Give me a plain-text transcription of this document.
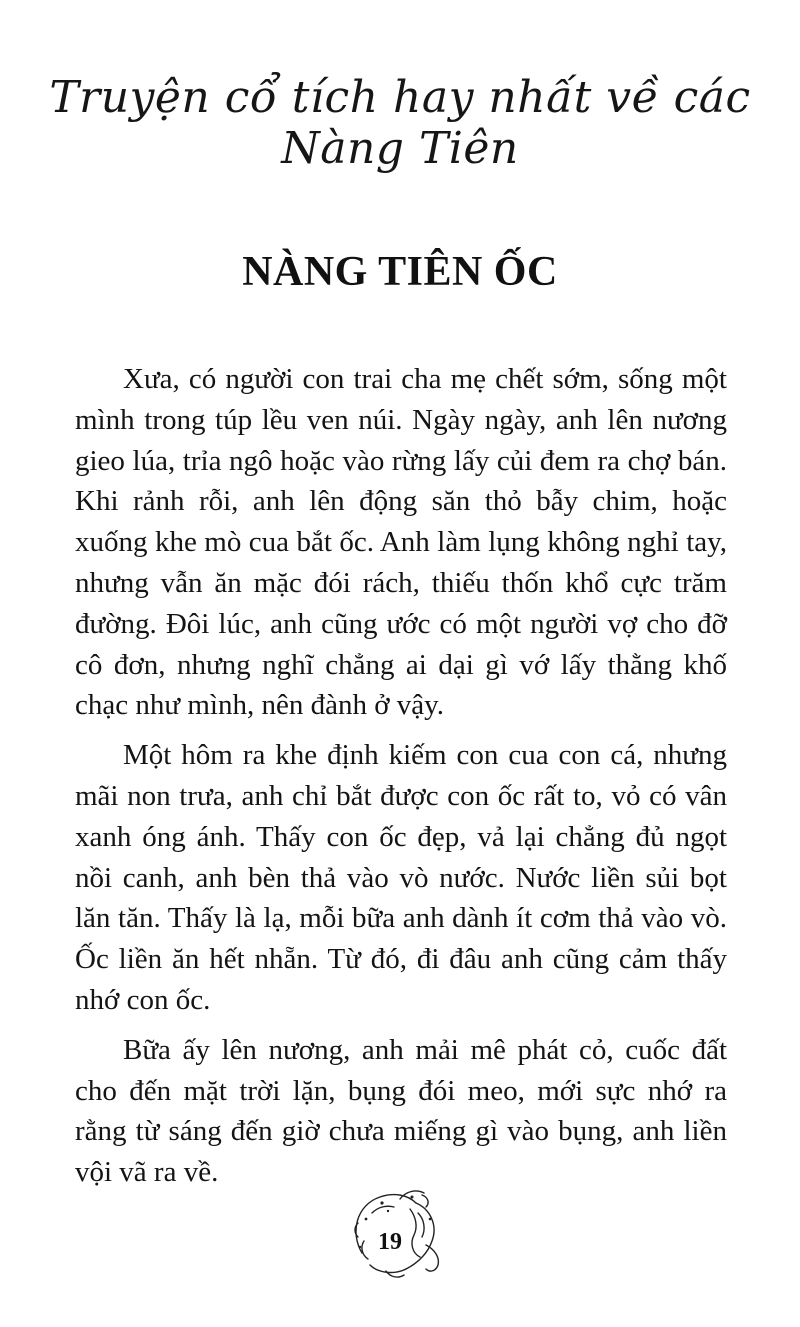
Truyện cổ tích hay nhất về các Nàng Tiên
NÀNG TIÊN ỐC

Xưa, có người con trai cha mẹ chết sớm, sống một mình trong túp lều ven núi. Ngày ngày, anh lên nương gieo lúa, trỉa ngô hoặc vào rừng lấy củi đem ra chợ bán. Khi rảnh rỗi, anh lên động săn thỏ bẫy chim, hoặc xuống khe mò cua bắt ốc. Anh làm lụng không nghỉ tay, nhưng vẫn ăn mặc đói rách, thiếu thốn khổ cực trăm đường. Đôi lúc, anh cũng ước có một người vợ cho đỡ cô đơn, nhưng nghĩ chẳng ai dại gì vớ lấy thằng khố chạc như mình, nên đành ở vậy.

Một hôm ra khe định kiếm con cua con cá, nhưng mãi non trưa, anh chỉ bắt được con ốc rất to, vỏ có vân xanh óng ánh. Thấy con ốc đẹp, vả lại chẳng đủ ngọt nồi canh, anh bèn thả vào vò nước. Nước liền sủi bọt lăn tăn. Thấy là lạ, mỗi bữa anh dành ít cơm thả vào vò. Ốc liền ăn hết nhẵn. Từ đó, đi đâu anh cũng cảm thấy nhớ con ốc.

Bữa ấy lên nương, anh mải mê phát cỏ, cuốc đất cho đến mặt trời lặn, bụng đói meo, mới sực nhớ ra rằng từ sáng đến giờ chưa miếng gì vào bụng, anh liền vội vã ra về.

19
